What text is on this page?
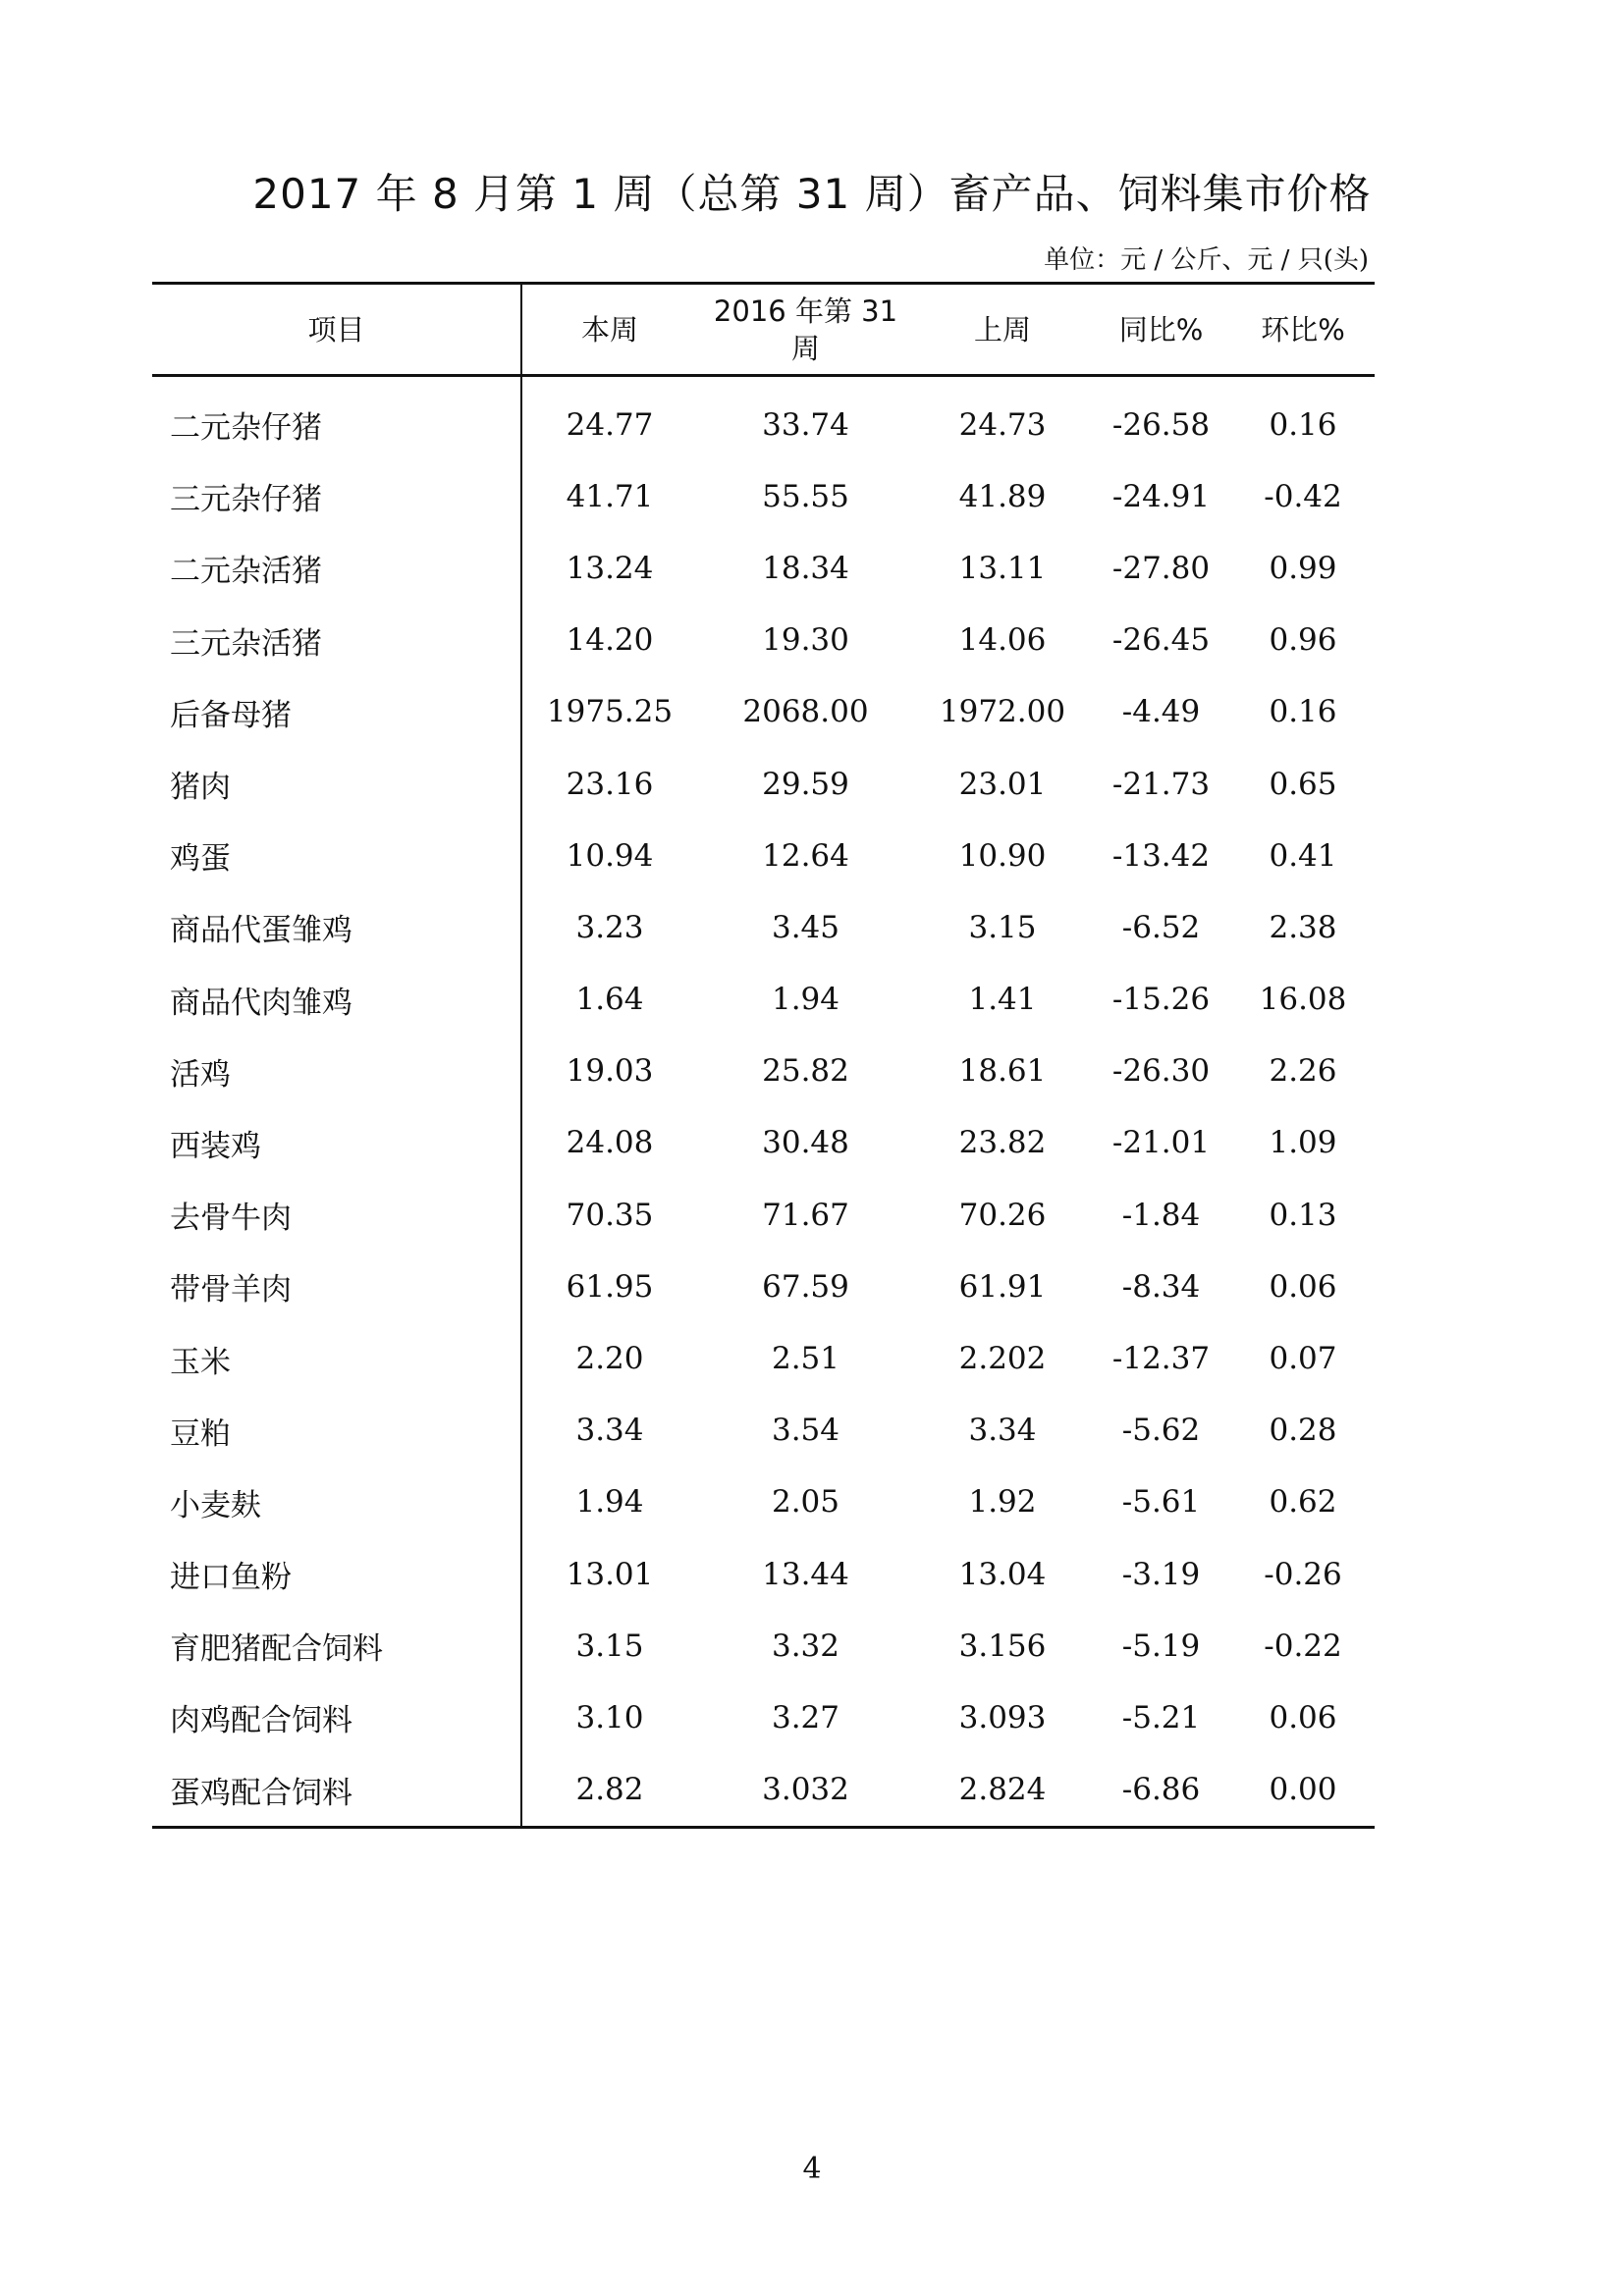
2017 年 8 月第 1 周（总第 31 周）畜产品、饲料集市价格
单位：元 / 公斤、元 / 只(头)
项目	本周	2016 年第 31 周	上周	同比%	环比%

二元杂仔猪	24.77	33.74	24.73	-26.58	0.16
三元杂仔猪	41.71	55.55	41.89	-24.91	-0.42
二元杂活猪	13.24	18.34	13.11	-27.80	0.99
三元杂活猪	14.20	19.30	14.06	-26.45	0.96
后备母猪	1975.25	2068.00	1972.00	-4.49	0.16
猪肉	23.16	29.59	23.01	-21.73	0.65
鸡蛋	10.94	12.64	10.90	-13.42	0.41
商品代蛋雏鸡	3.23	3.45	3.15	-6.52	2.38
商品代肉雏鸡	1.64	1.94	1.41	-15.26	16.08
活鸡	19.03	25.82	18.61	-26.30	2.26
西装鸡	24.08	30.48	23.82	-21.01	1.09
去骨牛肉	70.35	71.67	70.26	-1.84	0.13
带骨羊肉	61.95	67.59	61.91	-8.34	0.06
玉米	2.20	2.51	2.202	-12.37	0.07
豆粕	3.34	3.54	3.34	-5.62	0.28
小麦麸	1.94	2.05	1.92	-5.61	0.62
进口鱼粉	13.01	13.44	13.04	-3.19	-0.26
育肥猪配合饲料	3.15	3.32	3.156	-5.19	-0.22
肉鸡配合饲料	3.10	3.27	3.093	-5.21	0.06
蛋鸡配合饲料	2.82	3.032	2.824	-6.86	0.00
4
